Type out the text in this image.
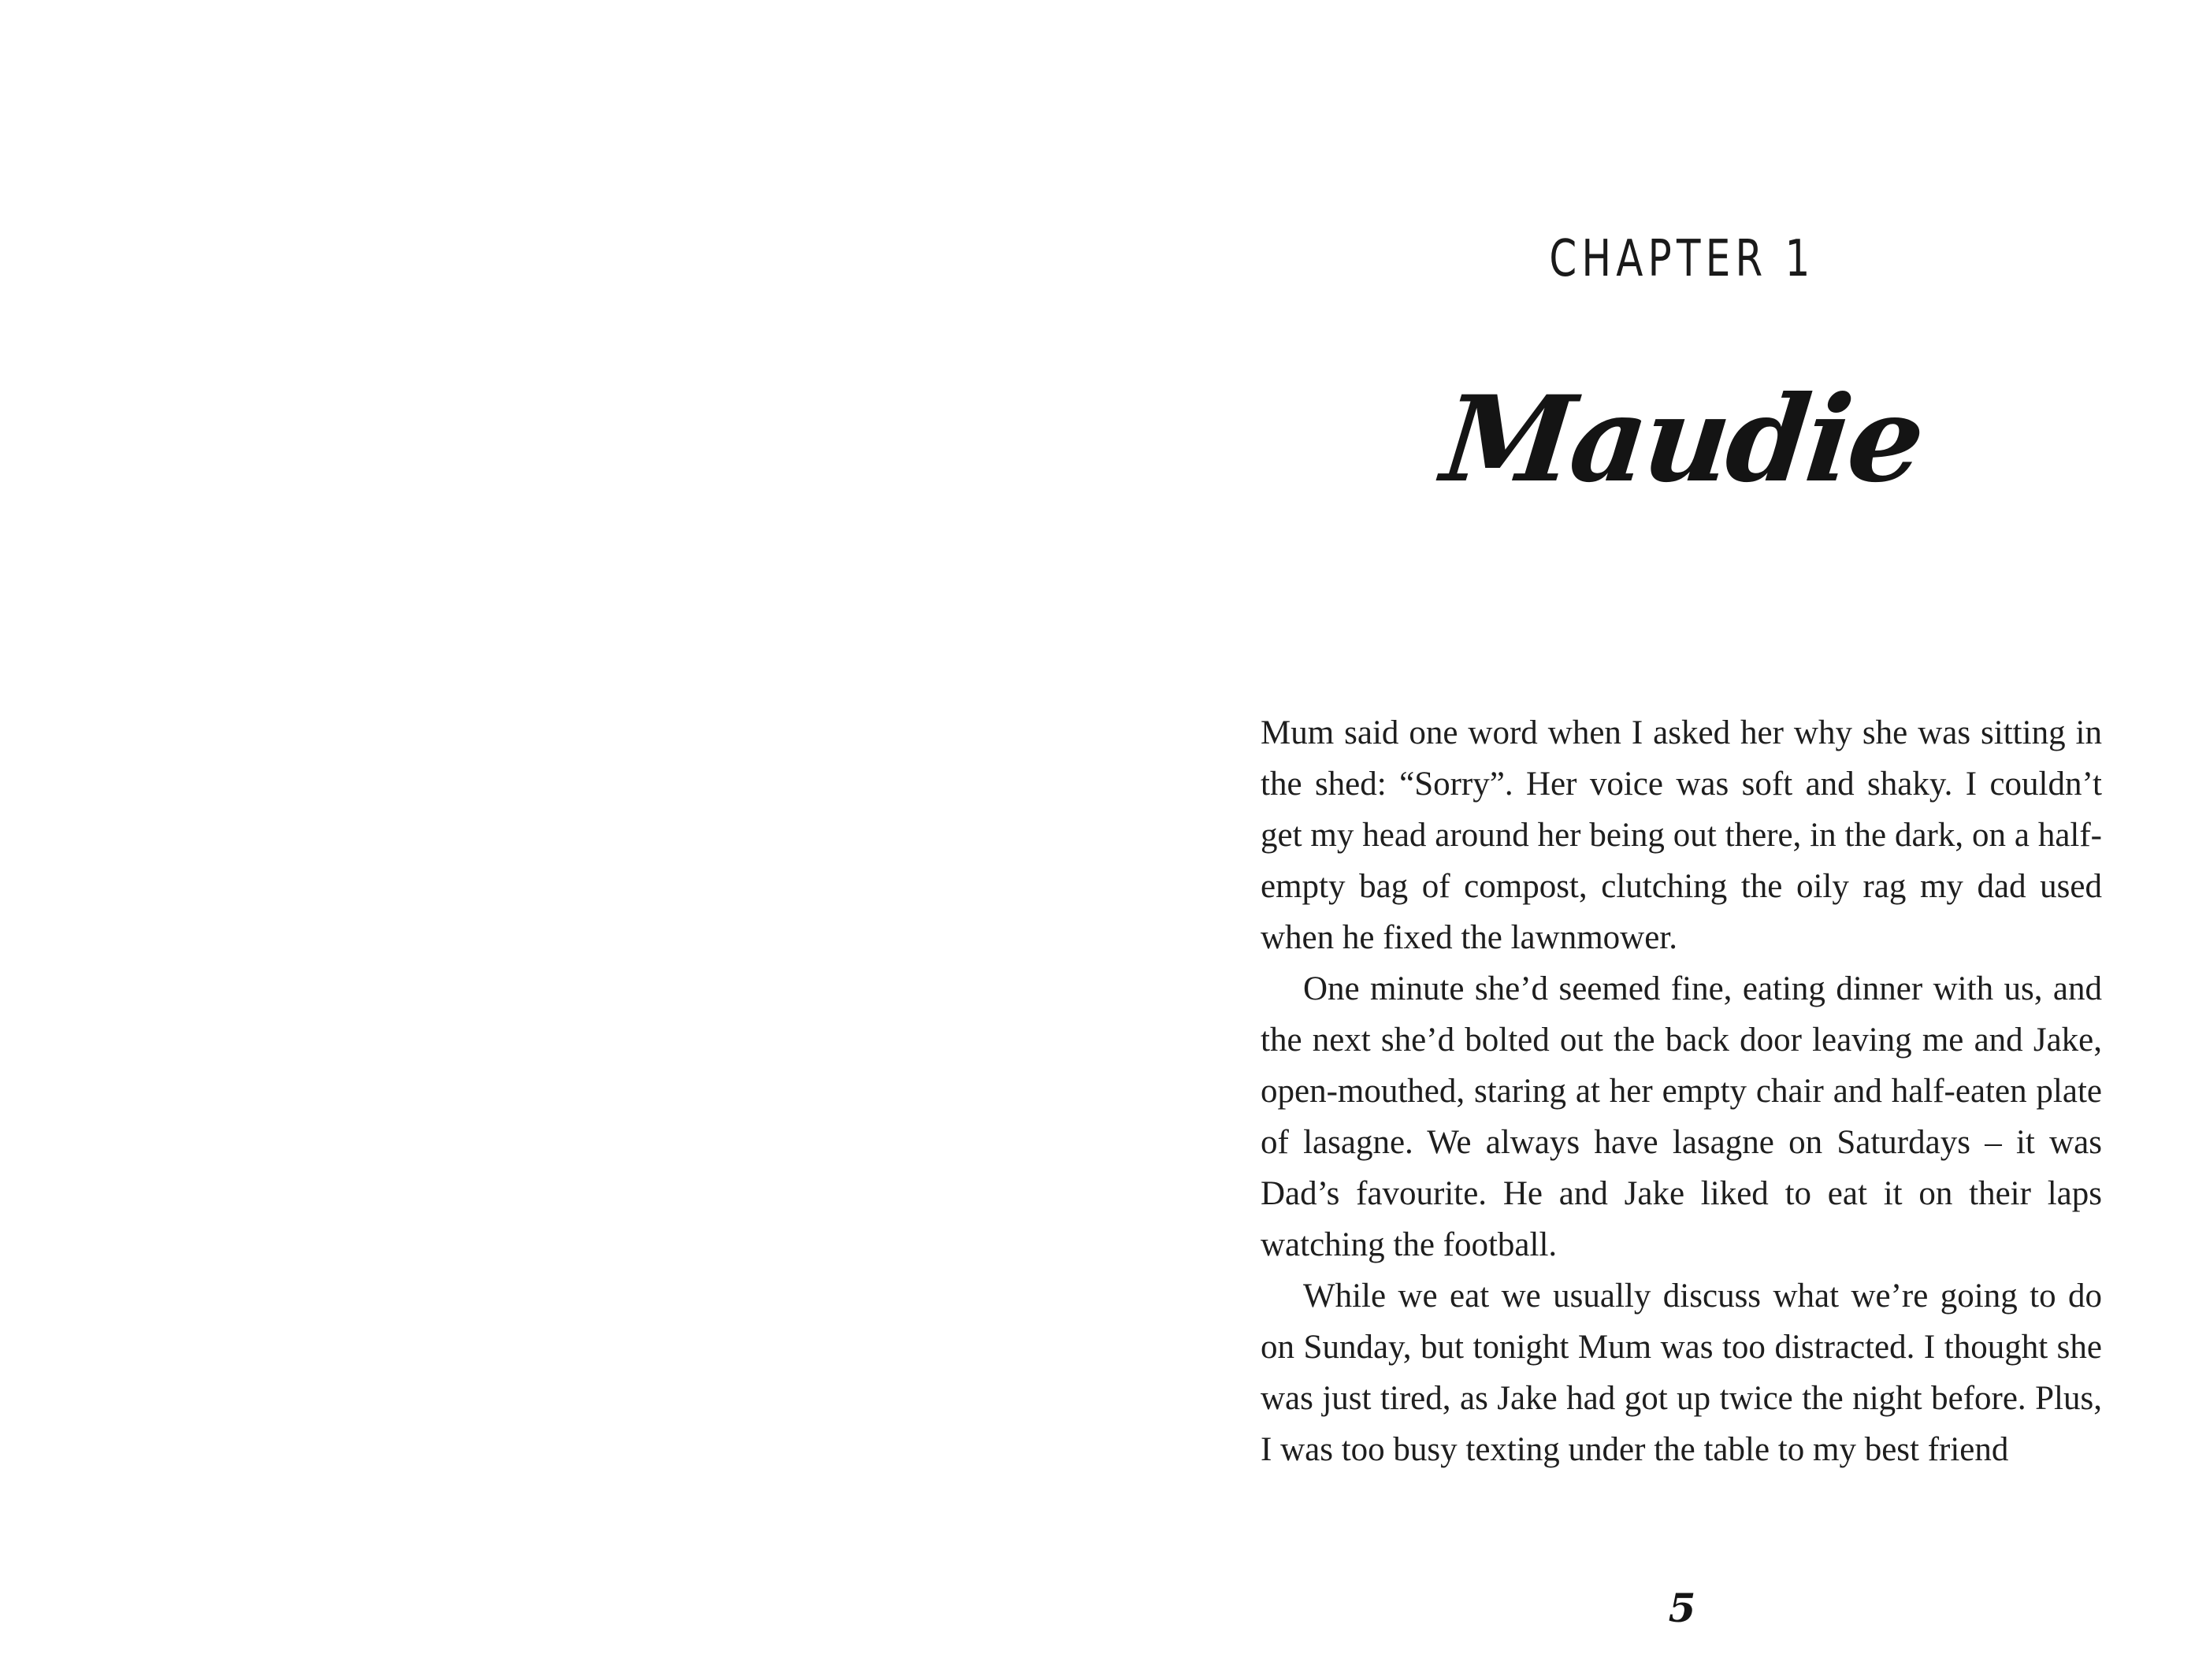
CHAPTER 1
Maudie

Mum said one word when I asked her why she was sitting in the shed: “Sorry”. Her voice was soft and shaky. I couldn’t get my head around her being out there, in the dark, on a half-empty bag of compost, clutching the oily rag my dad used when he fixed the lawnmower.

One minute she’d seemed fine, eating dinner with us, and the next she’d bolted out the back door leaving me and Jake, open-mouthed, staring at her empty chair and half-eaten plate of lasagne. We always have lasagne on Saturdays – it was Dad’s favourite. He and Jake liked to eat it on their laps watching the football.

While we eat we usually discuss what we’re going to do on Sunday, but tonight Mum was too distracted. I thought she was just tired, as Jake had got up twice the night before. Plus, I was too busy texting under the table to my best friend

5
